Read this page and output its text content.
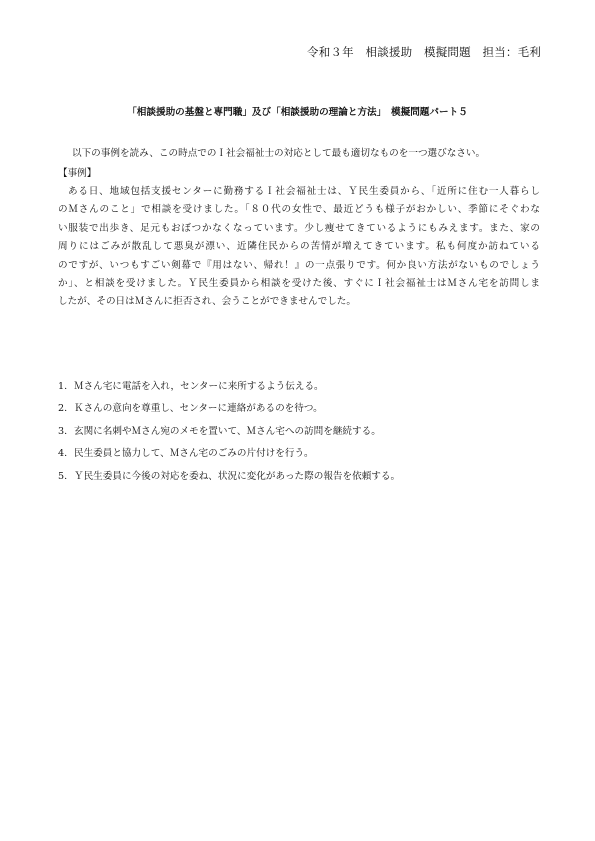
令和３年　相談援助　模擬問題　担当：毛利
「相談援助の基盤と専門職」及び「相談援助の理論と方法」　模擬問題パート５
以下の事例を読み、この時点でのＩ社会福祉士の対応として最も適切なものを一つ選びなさい。
【事例】
ある日、地域包括支援センターに勤務するＩ社会福祉士は、Ｙ民生委員から、「近所に住む一人暮らし
のＭさんのこと」で相談を受けました。「８０代の女性で、最近どうも様子がおかしい、季節にそぐわな
い服装で出歩き、足元もおぼつかなくなっています。少し痩せてきているようにもみえます。また、家の
周りにはごみが散乱して悪臭が漂い、近隣住民からの苦情が増えてきています。私も何度か訪ねている
のですが、いつもすごい剣幕で『用はない、帰れ！』の一点張りです。何か良い方法がないものでしょう
か」、と相談を受けました。Ｙ民生委員から相談を受けた後、すぐにＩ社会福祉士はＭさん宅を訪問しま
したが、その日はＭさんに拒否され、会うことができませんでした。
1. Ｍさん宅に電話を入れ，センターに来所するよう伝える。
2. Ｋさんの意向を尊重し、センターに連絡があるのを待つ。
3. 玄関に名刺やＭさん宛のメモを置いて、Ｍさん宅への訪問を継続する。
4. 民生委員と協力して、Ｍさん宅のごみの片付けを行う。
5. Ｙ民生委員に今後の対応を委ね、状況に変化があった際の報告を依頼する。
